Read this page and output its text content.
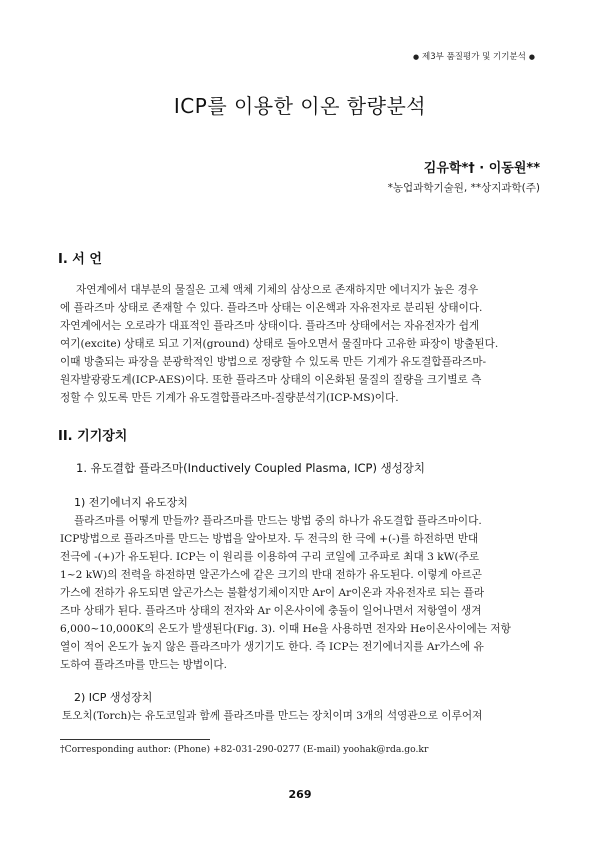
● 제3부 품질평가 및 기기분석 ●
ICP를 이용한 이온 함량분석
김유학*† · 이동원**
*농업과학기술원, **상지과학(주)
I. 서 언
자연계에서 대부분의 물질은 고체 액체 기체의 삼상으로 존재하지만 에너지가 높은 경우
에 플라즈마 상태로 존재할 수 있다. 플라즈마 상태는 이온핵과 자유전자로 분리된 상태이다.
자연계에서는 오로라가 대표적인 플라즈마 상태이다. 플라즈마 상태에서는 자유전자가 쉽게
여기(excite) 상태로 되고 기저(ground) 상태로 돌아오면서 물질마다 고유한 파장이 방출된다.
이때 방출되는 파장을 분광학적인 방법으로 정량할 수 있도록 만든 기계가 유도결합플라즈마-
원자발광광도계(ICP-AES)이다. 또한 플라즈마 상태의 이온화된 물질의 질량을 크기별로 측
정할 수 있도록 만든 기계가 유도결합플라즈마-질량분석기(ICP-MS)이다.
II. 기기장치
1. 유도결합 플라즈마(Inductively Coupled Plasma, ICP) 생성장치
1) 전기에너지 유도장치
플라즈마를 어떻게 만들까? 플라즈마를 만드는 방법 중의 하나가 유도결합 플라즈마이다.
ICP방법으로 플라즈마를 만드는 방법을 알아보자. 두 전극의 한 극에 +(-)를 하전하면 반대
전극에 -(+)가 유도된다. ICP는 이 원리를 이용하여 구리 코일에 고주파로 최대 3 kW(주로
1~2 kW)의 전력을 하전하면 알곤가스에 같은 크기의 반대 전하가 유도된다. 이렇게 아르곤
가스에 전하가 유도되면 알곤가스는 불활성기체이지만 Ar이 Ar이온과 자유전자로 되는 플라
즈마 상태가 된다. 플라즈마 상태의 전자와 Ar 이온사이에 충돌이 일어나면서 저항열이 생겨
6,000~10,000K의 온도가 발생된다(Fig. 3). 이때 He을 사용하면 전자와 He이온사이에는 저항
열이 적어 온도가 높지 않은 플라즈마가 생기기도 한다. 즉 ICP는 전기에너지를 Ar가스에 유
도하여 플라즈마를 만드는 방법이다.
2) ICP 생성장치
토오치(Torch)는 유도코일과 함께 플라즈마를 만드는 장치이며 3개의 석영관으로 이루어져
†Corresponding author: (Phone) +82-031-290-0277 (E-mail) yoohak@rda.go.kr
269
